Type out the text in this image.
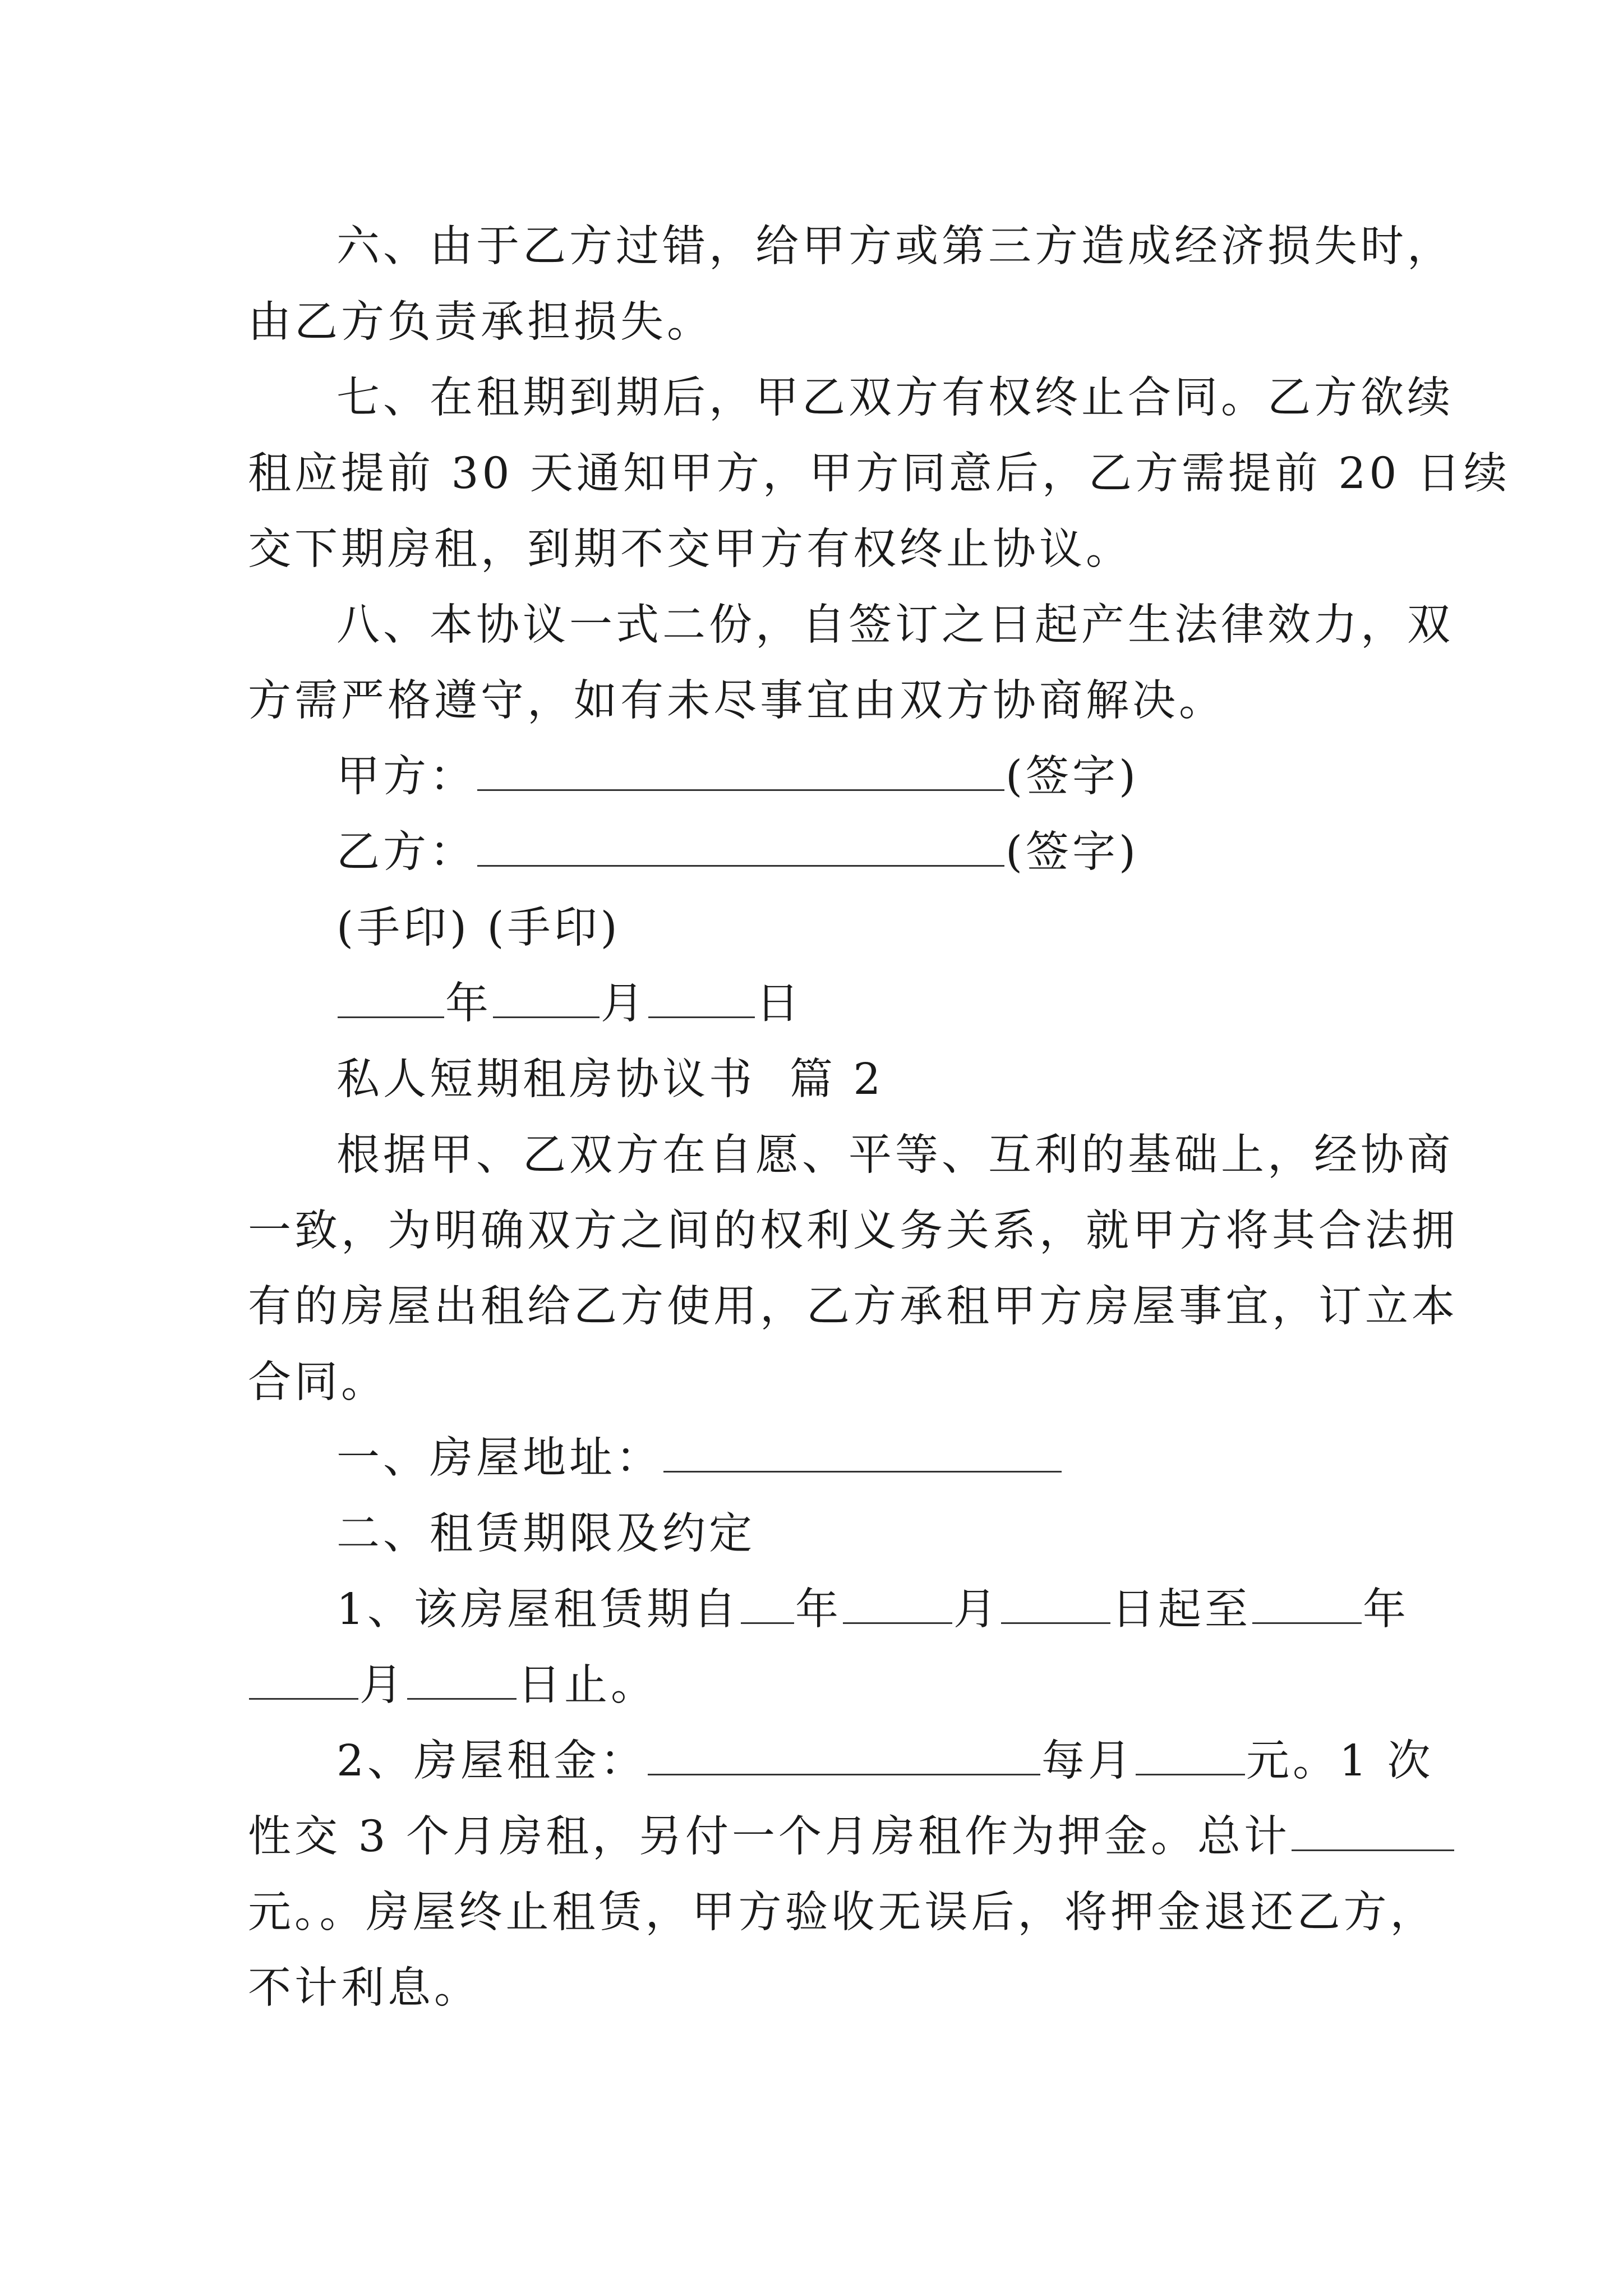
六、由于乙方过错，给甲方或第三方造成经济损失时，
由乙方负责承担损失。
七、在租期到期后，甲乙双方有权终止合同。乙方欲续
租应提前 30 天通知甲方，甲方同意后，乙方需提前 20 日续
交下期房租，到期不交甲方有权终止协议。
八、本协议一式二份，自签订之日起产生法律效力，双
方需严格遵守，如有未尽事宜由双方协商解决。
甲方：	(签字)
乙方：	(签字)
(手印) (手印)
年	月	日
私人短期租房协议书  篇 2
根据甲、乙双方在自愿、平等、互利的基础上，经协商
一致，为明确双方之间的权利义务关系，就甲方将其合法拥
有的房屋出租给乙方使用，乙方承租甲方房屋事宜，订立本
合同。
一、房屋地址：
二、租赁期限及约定
1、该房屋租赁期自 年	月	日起至	年
月	日止。
2、房屋租金：	每月	元。1 次
性交 3 个月房租，另付一个月房租作为押金。总计
元。。房屋终止租赁，甲方验收无误后，将押金退还乙方，
不计利息。
